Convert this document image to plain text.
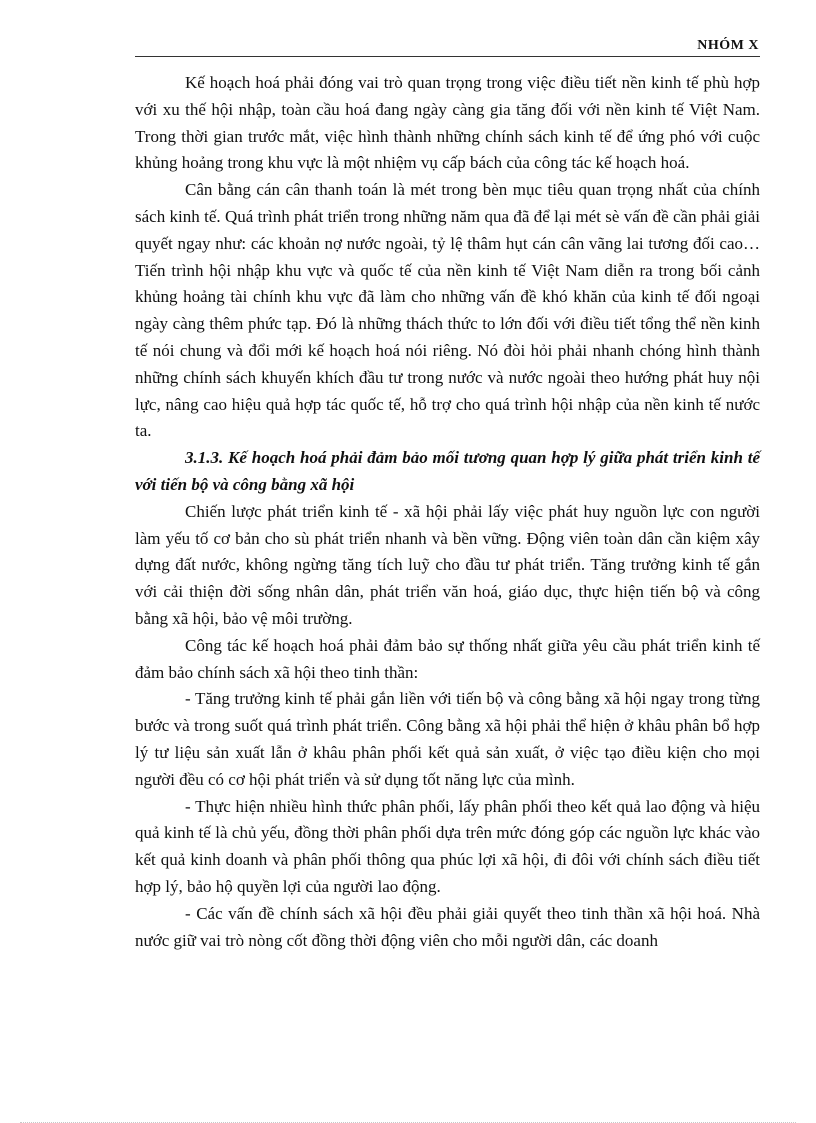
NHÓM X

Kế hoạch hoá phải đóng vai trò quan trọng trong việc điều tiết nền kinh tế phù hợp với xu thế hội nhập, toàn cầu hoá đang ngày càng gia tăng đối với nền kinh tế Việt Nam. Trong thời gian trước mắt, việc hình thành những chính sách kinh tế để ứng phó với cuộc khủng hoảng trong khu vực là một nhiệm vụ cấp bách của công tác kế hoạch hoá.

Cân bằng cán cân thanh toán là mét trong bèn mục tiêu quan trọng nhất của chính sách kinh tế. Quá trình phát triển trong những năm qua đã để lại mét sè vấn đề cần phải giải quyết ngay như: các khoản nợ nước ngoài, tỷ lệ thâm hụt cán cân vãng lai tương đối cao… Tiến trình hội nhập khu vực và quốc tế của nền kinh tế Việt Nam diễn ra trong bối cảnh khủng hoảng tài chính khu vực đã làm cho những vấn đề khó khăn của kinh tế đối ngoại ngày càng thêm phức tạp. Đó là những thách thức to lớn đối với điều tiết tổng thể nền kinh tế nói chung và đổi mới kế hoạch hoá nói riêng. Nó đòi hỏi phải nhanh chóng hình thành những chính sách khuyến khích đầu tư trong nước và nước ngoài theo hướng phát huy nội lực, nâng cao hiệu quả hợp tác quốc tế, hỗ trợ cho quá trình hội nhập của nền kinh tế nước ta.

3.1.3. Kế hoạch hoá phải đảm bảo mối tương quan hợp lý giữa phát triển kinh tế với tiến bộ và công bằng xã hội

Chiến lược phát triển kinh tế - xã hội phải lấy việc phát huy nguồn lực con người làm yếu tố cơ bản cho sù phát triển nhanh và bền vững. Động viên toàn dân cần kiệm xây dựng đất nước, không ngừng tăng tích luỹ cho đầu tư phát triển. Tăng trưởng kinh tế gắn với cải thiện đời sống nhân dân, phát triển văn hoá, giáo dục, thực hiện tiến bộ và công bằng xã hội, bảo vệ môi trường.

Công tác kế hoạch hoá phải đảm bảo sự thống nhất giữa yêu cầu phát triển kinh tế đảm bảo chính sách xã hội theo tinh thần:

- Tăng trưởng kinh tế phải gắn liền với tiến bộ và công bằng xã hội ngay trong từng bước và trong suốt quá trình phát triển. Công bằng xã hội phải thể hiện ở khâu phân bổ hợp lý tư liệu sản xuất lẫn ở khâu phân phối kết quả sản xuất, ở việc tạo điều kiện cho mọi người đều có cơ hội phát triển và sử dụng tốt năng lực của mình.

- Thực hiện nhiều hình thức phân phối, lấy phân phối theo kết quả lao động và hiệu quả kinh tế là chủ yếu, đồng thời phân phối dựa trên mức đóng góp các nguồn lực khác vào kết quả kinh doanh và phân phối thông qua phúc lợi xã hội, đi đôi với chính sách điều tiết hợp lý, bảo hộ quyền lợi của người lao động.

- Các vấn đề chính sách xã hội đều phải giải quyết theo tinh thần xã hội hoá. Nhà nước giữ vai trò nòng cốt đồng thời động viên cho mỗi người dân, các doanh
